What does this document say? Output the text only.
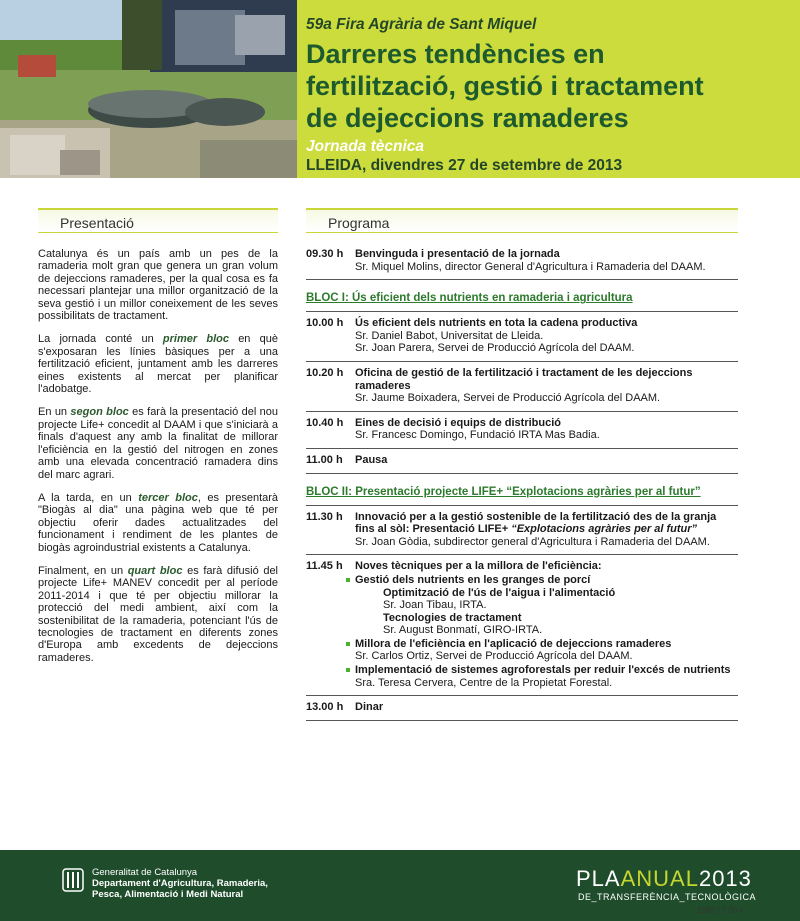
59a Fira Agrària de Sant Miquel
Darreres tendències en
fertilització, gestió i tractament
de dejeccions ramaderes
Jornada tècnica
LLEIDA, divendres 27 de setembre de 2013
Presentació	Programa

Catalunya és un país amb un pes de la ramaderia molt gran que genera un gran volum de dejeccions ramaderes, per la qual cosa es fa necessari plantejar una millor organització de la seva gestió i un millor coneixement de les seves possibilitats de tractament.

La jornada conté un primer bloc en què s'exposaran les línies bàsiques per a una fertilització eficient, juntament amb les darreres eines existents al mercat per planificar l'adobatge.

En un segon bloc es farà la presentació del nou projecte Life+ concedit al DAAM i que s'iniciarà a finals d'aquest any amb la finalitat de millorar l'eficiència en la gestió del nitrogen en zones amb una elevada concentració ramadera dins del marc agrari.

A la tarda, en un tercer bloc, es presentarà "Biogàs al dia" una pàgina web que té per objectiu oferir dades actualitzades del funcionament i rendiment de les plantes de biogàs agroindustrial existents a Catalunya.

Finalment, en un quart bloc es farà difusió del projecte Life+ MANEV concedit per al període 2011-2014 i que té per objectiu millorar la protecció del medi ambient, així com la sostenibilitat de la ramaderia, potenciant l'ús de tecnologies de tractament en diferents zones d'Europa amb excedents de dejeccions ramaderes.

09.30 h	Benvinguda i presentació de la jornada
Sr. Miquel Molins, director General d'Agricultura i Ramaderia del DAAM.
BLOC I: Ús eficient dels nutrients en ramaderia i agricultura
10.00 h	Ús eficient dels nutrients en tota la cadena productiva
Sr. Daniel Babot, Universitat de Lleida.
Sr. Joan Parera, Servei de Producció Agrícola del DAAM.
10.20 h	Oficina de gestió de la fertilització i tractament de les dejeccions ramaderes
Sr. Jaume Boixadera, Servei de Producció Agrícola del DAAM.
10.40 h	Eines de decisió i equips de distribució
Sr. Francesc Domingo, Fundació IRTA Mas Badia.
11.00 h	Pausa
BLOC II: Presentació projecte LIFE+ “Explotacions agràries per al futur”
11.30 h	Innovació per a la gestió sostenible de la fertilització des de la granja fins al sòl: Presentació LIFE+ “Explotacions agràries per al futur”
Sr. Joan Gòdia, subdirector general d'Agricultura i Ramaderia del DAAM.
11.45 h	Noves tècniques per a la millora de l'eficiència:
Gestió dels nutrients en les granges de porcí
Optimització de l'ús de l'aigua i l'alimentació
Sr. Joan Tibau, IRTA.
Tecnologies de tractament
Sr. August Bonmatí, GIRO-IRTA.
Millora de l'eficiència en l'aplicació de dejeccions ramaderes
Sr. Carlos Ortiz, Servei de Producció Agrícola del DAAM.
Implementació de sistemes agroforestals per reduir l'excés de nutrients
Sra. Teresa Cervera, Centre de la Propietat Forestal.
13.00 h	Dinar
Generalitat de Catalunya
Departament d'Agricultura, Ramaderia,
Pesca, Alimentació i Medi Natural
PLAANUAL2013
DE_TRANSFERÈNCIA_TECNOLÒGICA
1582 / 7,00 h
